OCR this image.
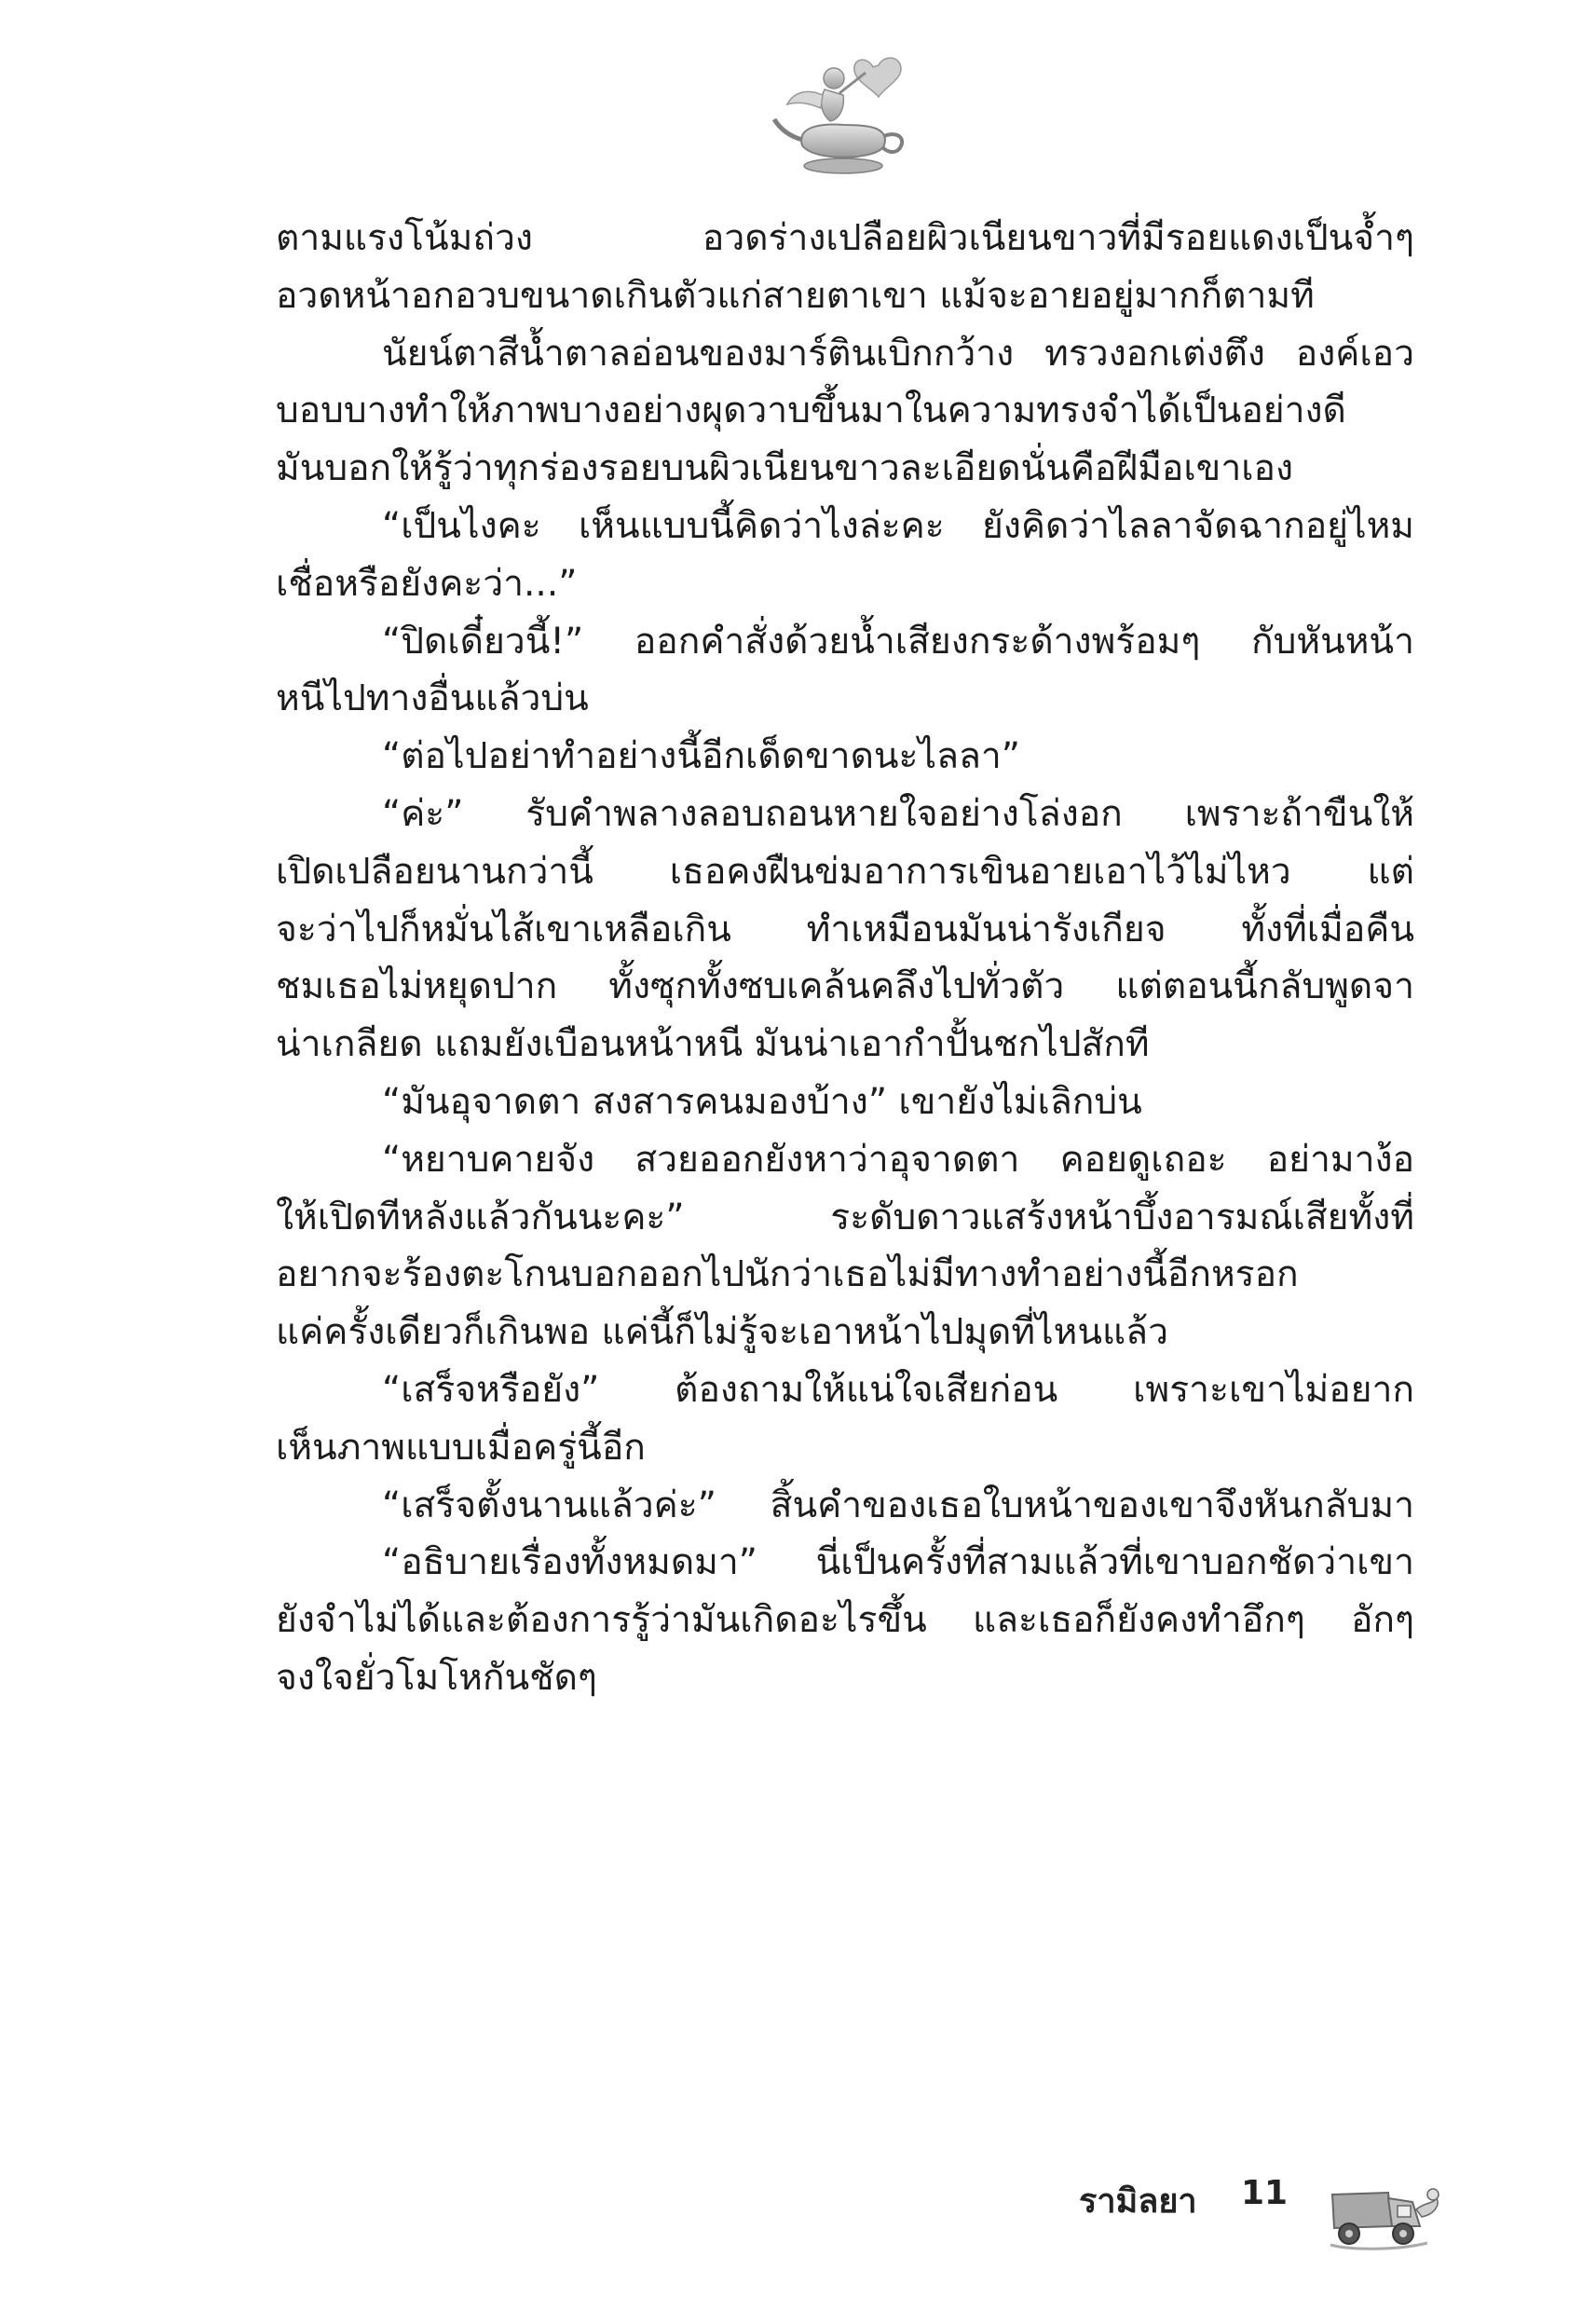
ตามแรงโน้มถ่วง อวดร่างเปลือยผิวเนียนขาวที่มีรอยแดงเป็นจ้ำๆ

อวดหน้าอกอวบขนาดเกินตัวแก่สายตาเขา แม้จะอายอยู่มากก็ตามที

นัยน์ตาสีน้ำตาลอ่อนของมาร์ตินเบิกกว้าง ทรวงอกเต่งตึง องค์เอว

บอบบางทำให้ภาพบางอย่างผุดวาบขึ้นมาในความทรงจำได้เป็นอย่างดี

มันบอกให้รู้ว่าทุกร่องรอยบนผิวเนียนขาวละเอียดนั่นคือฝีมือเขาเอง

“เป็นไงคะ เห็นแบบนี้คิดว่าไงล่ะคะ ยังคิดว่าไลลาจัดฉากอยู่ไหม

เชื่อหรือยังคะว่า...”

“ปิดเดี๋ยวนี้!” ออกคำสั่งด้วยน้ำเสียงกระด้างพร้อมๆ กับหันหน้า

หนีไปทางอื่นแล้วบ่น

“ต่อไปอย่าทำอย่างนี้อีกเด็ดขาดนะไลลา”

“ค่ะ” รับคำพลางลอบถอนหายใจอย่างโล่งอก เพราะถ้าขืนให้

เปิดเปลือยนานกว่านี้ เธอคงฝืนข่มอาการเขินอายเอาไว้ไม่ไหว แต่

จะว่าไปก็หมั่นไส้เขาเหลือเกิน ทำเหมือนมันน่ารังเกียจ ทั้งที่เมื่อคืน

ชมเธอไม่หยุดปาก ทั้งซุกทั้งซบเคล้นคลึงไปทั่วตัว แต่ตอนนี้กลับพูดจา

น่าเกลียด แถมยังเบือนหน้าหนี มันน่าเอากำปั้นชกไปสักที

“มันอุจาดตา สงสารคนมองบ้าง” เขายังไม่เลิกบ่น

“หยาบคายจัง สวยออกยังหาว่าอุจาดตา คอยดูเถอะ อย่ามาง้อ

ให้เปิดทีหลังแล้วกันนะคะ” ระดับดาวแสร้งหน้าบึ้งอารมณ์เสียทั้งที่

อยากจะร้องตะโกนบอกออกไปนักว่าเธอไม่มีทางทำอย่างนี้อีกหรอก

แค่ครั้งเดียวก็เกินพอ แค่นี้ก็ไม่รู้จะเอาหน้าไปมุดที่ไหนแล้ว

“เสร็จหรือยัง” ต้องถามให้แน่ใจเสียก่อน เพราะเขาไม่อยาก

เห็นภาพแบบเมื่อครู่นี้อีก

“เสร็จตั้งนานแล้วค่ะ” สิ้นคำของเธอใบหน้าของเขาจึงหันกลับมา

“อธิบายเรื่องทั้งหมดมา” นี่เป็นครั้งที่สามแล้วที่เขาบอกชัดว่าเขา

ยังจำไม่ได้และต้องการรู้ว่ามันเกิดอะไรขึ้น และเธอก็ยังคงทำอึกๆ อักๆ

จงใจยั่วโมโหกันชัดๆ

รามิลยา 11
